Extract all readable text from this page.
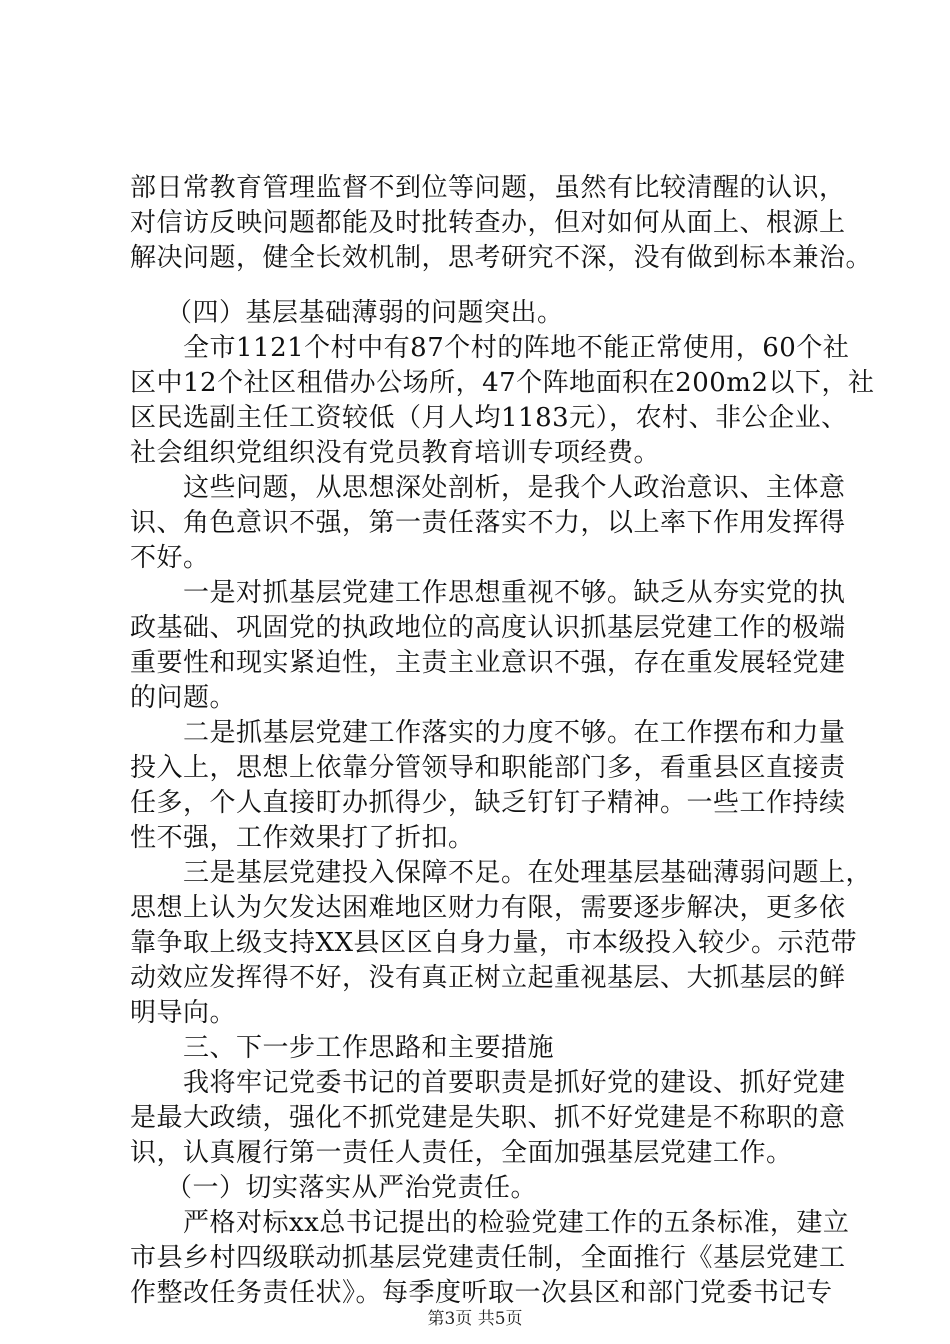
部日常教育管理监督不到位等问题，虽然有比较清醒的认识，
对信访反映问题都能及时批转查办，但对如何从面上、根源上
解决问题，健全长效机制，思考研究不深，没有做到标本兼治。
（四）基层基础薄弱的问题突出。
全市1121个村中有87个村的阵地不能正常使用，60个社
区中12个社区租借办公场所，47个阵地面积在200m2以下，社
区民选副主任工资较低（月人均1183元），农村、非公企业、
社会组织党组织没有党员教育培训专项经费。
这些问题，从思想深处剖析，是我个人政治意识、主体意
识、角色意识不强，第一责任落实不力，以上率下作用发挥得
不好。
一是对抓基层党建工作思想重视不够。缺乏从夯实党的执
政基础、巩固党的执政地位的高度认识抓基层党建工作的极端
重要性和现实紧迫性，主责主业意识不强，存在重发展轻党建
的问题。
二是抓基层党建工作落实的力度不够。在工作摆布和力量
投入上，思想上依靠分管领导和职能部门多，看重县区直接责
任多，个人直接盯办抓得少，缺乏钉钉子精神。一些工作持续
性不强，工作效果打了折扣。
三是基层党建投入保障不足。在处理基层基础薄弱问题上，
思想上认为欠发达困难地区财力有限，需要逐步解决，更多依
靠争取上级支持XX县区区自身力量，市本级投入较少。示范带
动效应发挥得不好，没有真正树立起重视基层、大抓基层的鲜
明导向。
三、下一步工作思路和主要措施
我将牢记党委书记的首要职责是抓好党的建设、抓好党建
是最大政绩，强化不抓党建是失职、抓不好党建是不称职的意
识，认真履行第一责任人责任，全面加强基层党建工作。
（一）切实落实从严治党责任。
严格对标xx总书记提出的检验党建工作的五条标准，建立
市县乡村四级联动抓基层党建责任制，全面推行《基层党建工
作整改任务责任状》。每季度听取一次县区和部门党委书记专
第3页 共5页
